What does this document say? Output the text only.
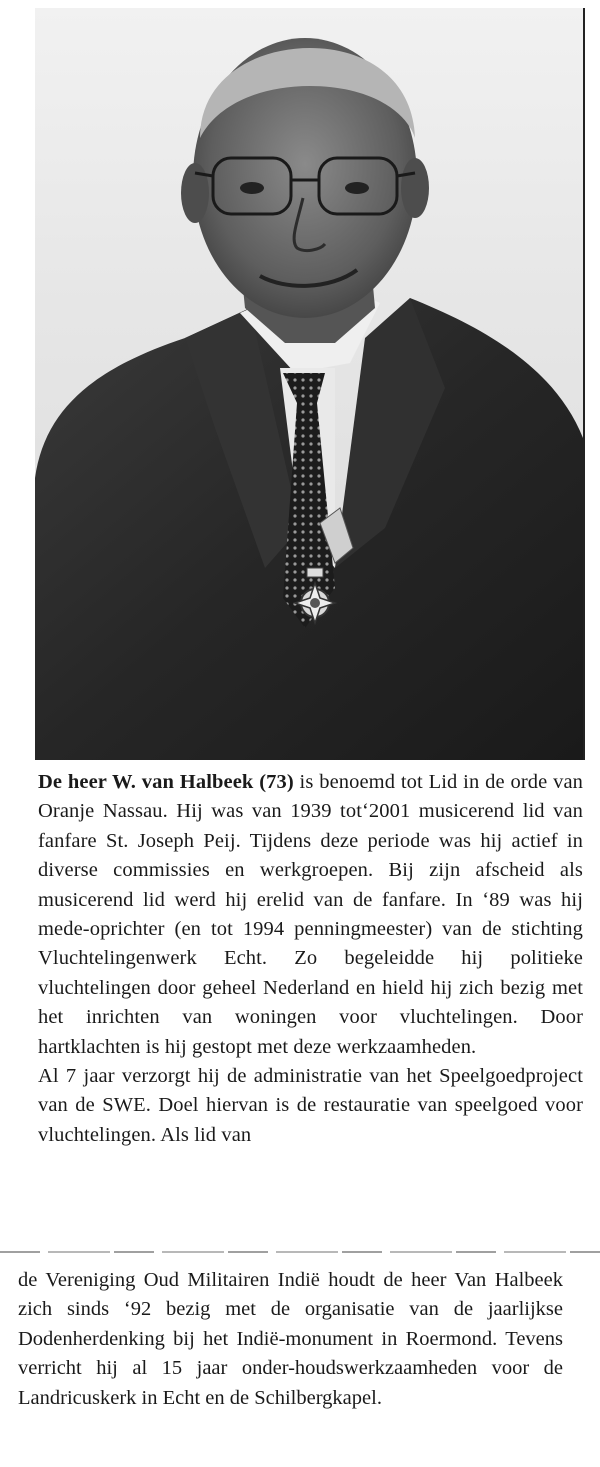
De heer W. van Halbeek (73) is benoemd tot Lid in de orde van Oranje Nassau. Hij was van 1939 tot‘2001 musicerend lid van fanfare St. Joseph Peij. Tijdens deze periode was hij actief in diverse commissies en werkgroepen. Bij zijn afscheid als musicerend lid werd hij erelid van de fanfare. In ‘89 was hij mede-oprichter (en tot 1994 penningmeester) van de stichting Vluchtelingenwerk Echt. Zo begeleidde hij politieke vluchtelingen door geheel Nederland en hield hij zich bezig met het inrichten van woningen voor vluchtelingen. Door hartklachten is hij gestopt met deze werkzaamheden.

Al 7 jaar verzorgt hij de administratie van het Speelgoedproject van de SWE. Doel hiervan is de restauratie van speelgoed voor vluchtelingen. Als lid van

de Vereniging Oud Militairen Indië houdt de heer Van Halbeek zich sinds ‘92 bezig met de organisatie van de jaarlijkse Dodenherdenking bij het Indië-monument in Roermond. Tevens verricht hij al 15 jaar onder-houdswerkzaamheden voor de Landricuskerk in Echt en de Schilbergkapel.
